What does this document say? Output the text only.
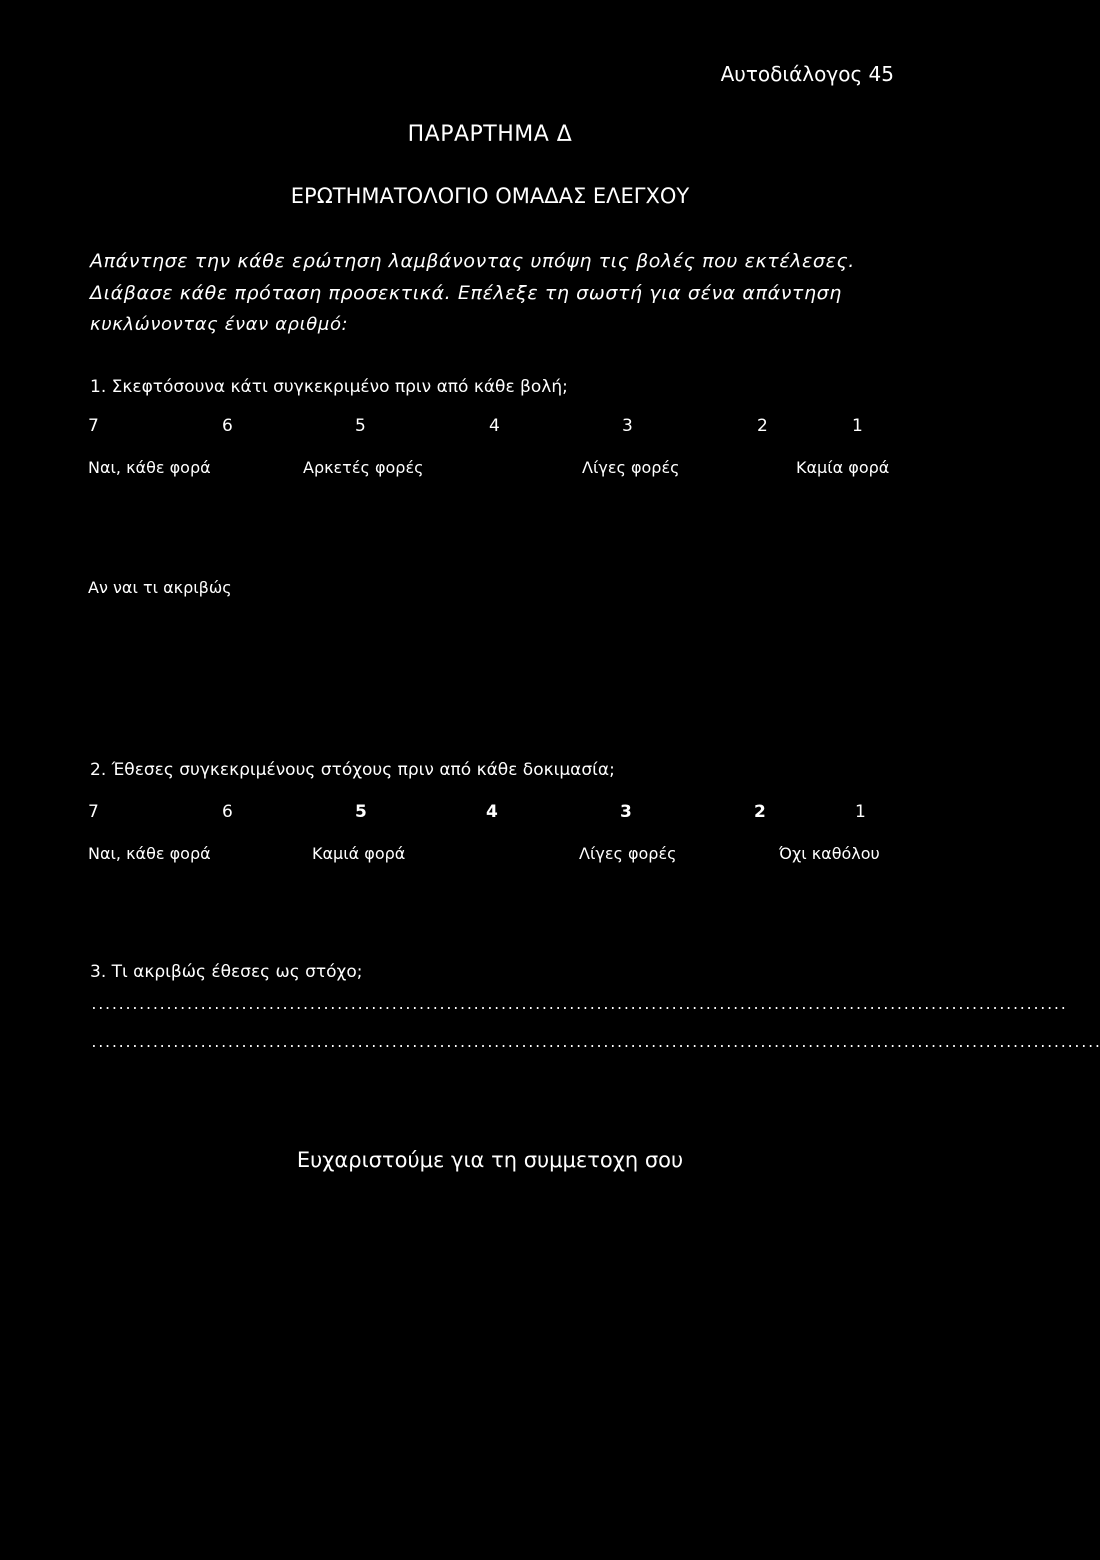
Αυτοδιάλογος 45
ΠΑΡΑΡΤΗΜΑ Δ
ΕΡΩΤΗΜΑΤΟΛΟΓΙΟ ΟΜΑΔΑΣ ΕΛΕΓΧΟΥ
Απάντησε την κάθε ερώτηση λαμβάνοντας υπόψη τις βολές που εκτέλεσες.
Διάβασε κάθε πρόταση προσεκτικά. Επέλεξε τη σωστή για σένα απάντηση
κυκλώνοντας έναν αριθμό:
1. Σκεφτόσουνα κάτι συγκεκριμένο πριν από κάθε βολή;
7	6	5	4	3	2	1
Ναι, κάθε φορά	Αρκετές φορές	Λίγες φορές	Καμία φορά
Αν ναι τι ακριβώς
2. Έθεσες συγκεκριμένους στόχους πριν από κάθε δοκιμασία;
7	6	5	4	3	2	1
Ναι, κάθε φορά	Καμιά φορά	Λίγες φορές	Όχι καθόλου
3. Τι ακριβώς έθεσες ως στόχο;
...............................................................................................................................................
....................................................................................................................................................
Ευχαριστούμε για τη συμμετοχη σου
